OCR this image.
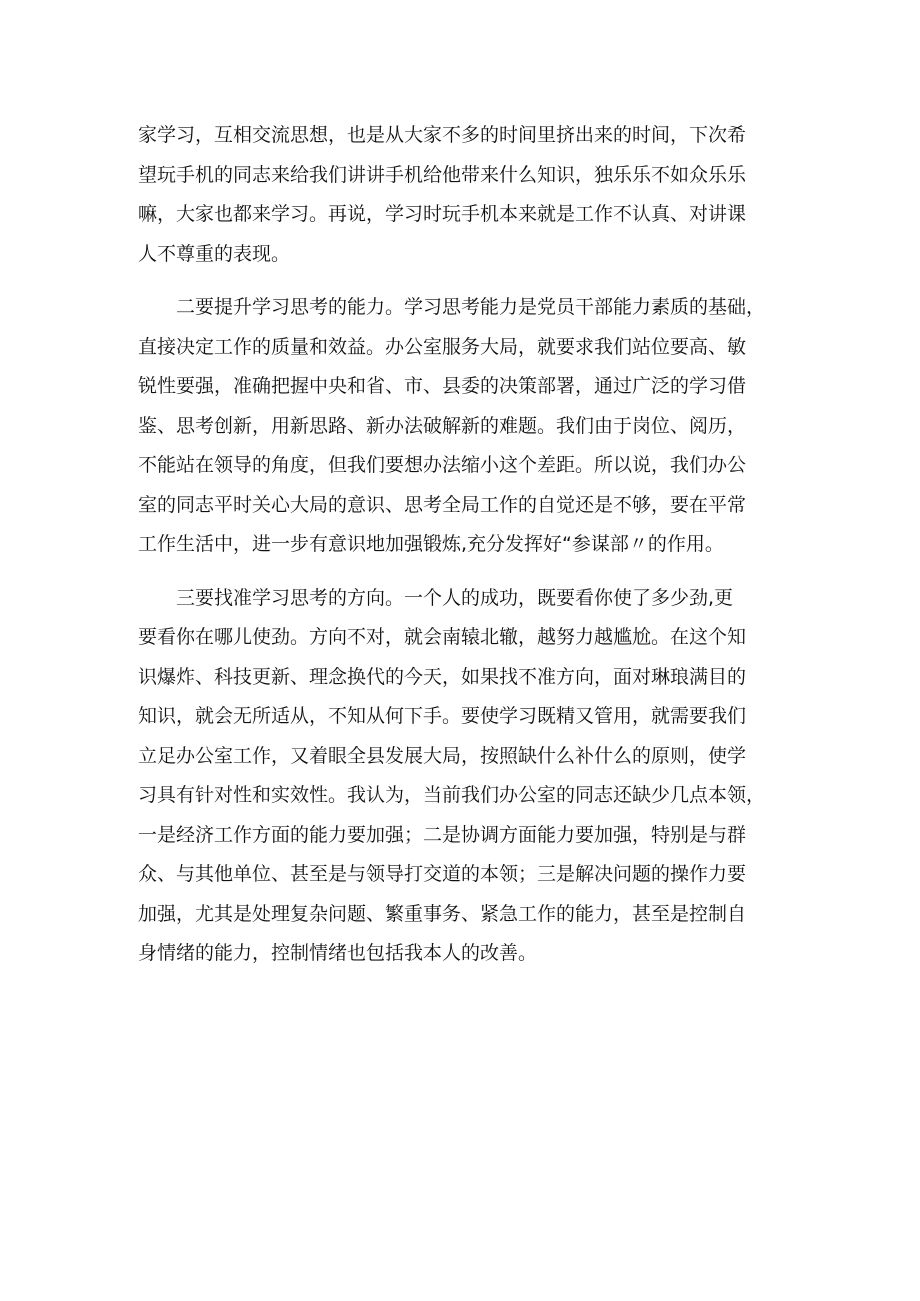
家学习，互相交流思想，也是从大家不多的时间里挤出来的时间，下次希
望玩手机的同志来给我们讲讲手机给他带来什么知识，独乐乐不如众乐乐
嘛，大家也都来学习。再说，学习时玩手机本来就是工作不认真、对讲课
人不尊重的表现。
二要提升学习思考的能力。学习思考能力是党员干部能力素质的基础，
直接决定工作的质量和效益。办公室服务大局，就要求我们站位要高、敏
锐性要强，准确把握中央和省、市、县委的决策部署，通过广泛的学习借
鉴、思考创新，用新思路、新办法破解新的难题。我们由于岗位、阅历，
不能站在领导的角度，但我们要想办法缩小这个差距。所以说，我们办公
室的同志平时关心大局的意识、思考全局工作的自觉还是不够，要在平常
工作生活中，进一步有意识地加强锻炼,充分发挥好“参谋部〃的作用。
三要找准学习思考的方向。一个人的成功，既要看你使了多少劲,更
要看你在哪儿使劲。方向不对，就会南辕北辙，越努力越尴尬。在这个知
识爆炸、科技更新、理念换代的今天，如果找不准方向，面对琳琅满目的
知识，就会无所适从，不知从何下手。要使学习既精又管用，就需要我们
立足办公室工作，又着眼全县发展大局，按照缺什么补什么的原则，使学
习具有针对性和实效性。我认为，当前我们办公室的同志还缺少几点本领，
一是经济工作方面的能力要加强；二是协调方面能力要加强，特别是与群
众、与其他单位、甚至是与领导打交道的本领；三是解决问题的操作力要
加强，尤其是处理复杂问题、繁重事务、紧急工作的能力，甚至是控制自
身情绪的能力，控制情绪也包括我本人的改善。
